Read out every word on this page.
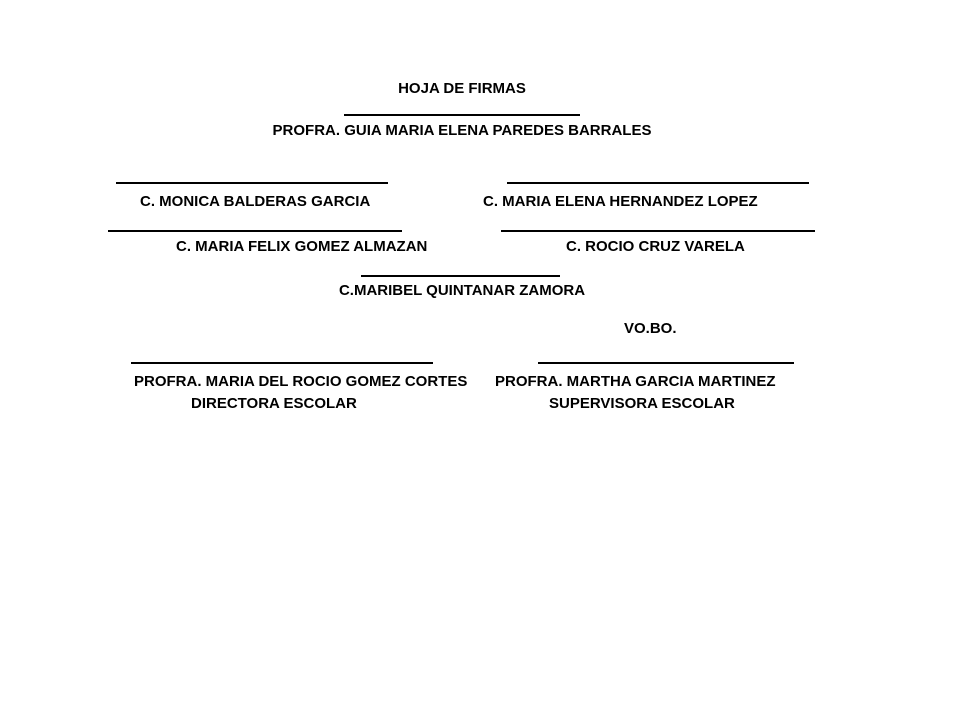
HOJA DE FIRMAS
PROFRA. GUIA MARIA ELENA PAREDES BARRALES
C. MONICA BALDERAS GARCIA	C. MARIA ELENA HERNANDEZ LOPEZ
C. MARIA FELIX GOMEZ ALMAZAN	C. ROCIO CRUZ VARELA
C.MARIBEL QUINTANAR ZAMORA
VO.BO.
PROFRA. MARIA DEL ROCIO GOMEZ CORTES PROFRA. MARTHA GARCIA MARTINEZ
DIRECTORA ESCOLAR	SUPERVISORA ESCOLAR
